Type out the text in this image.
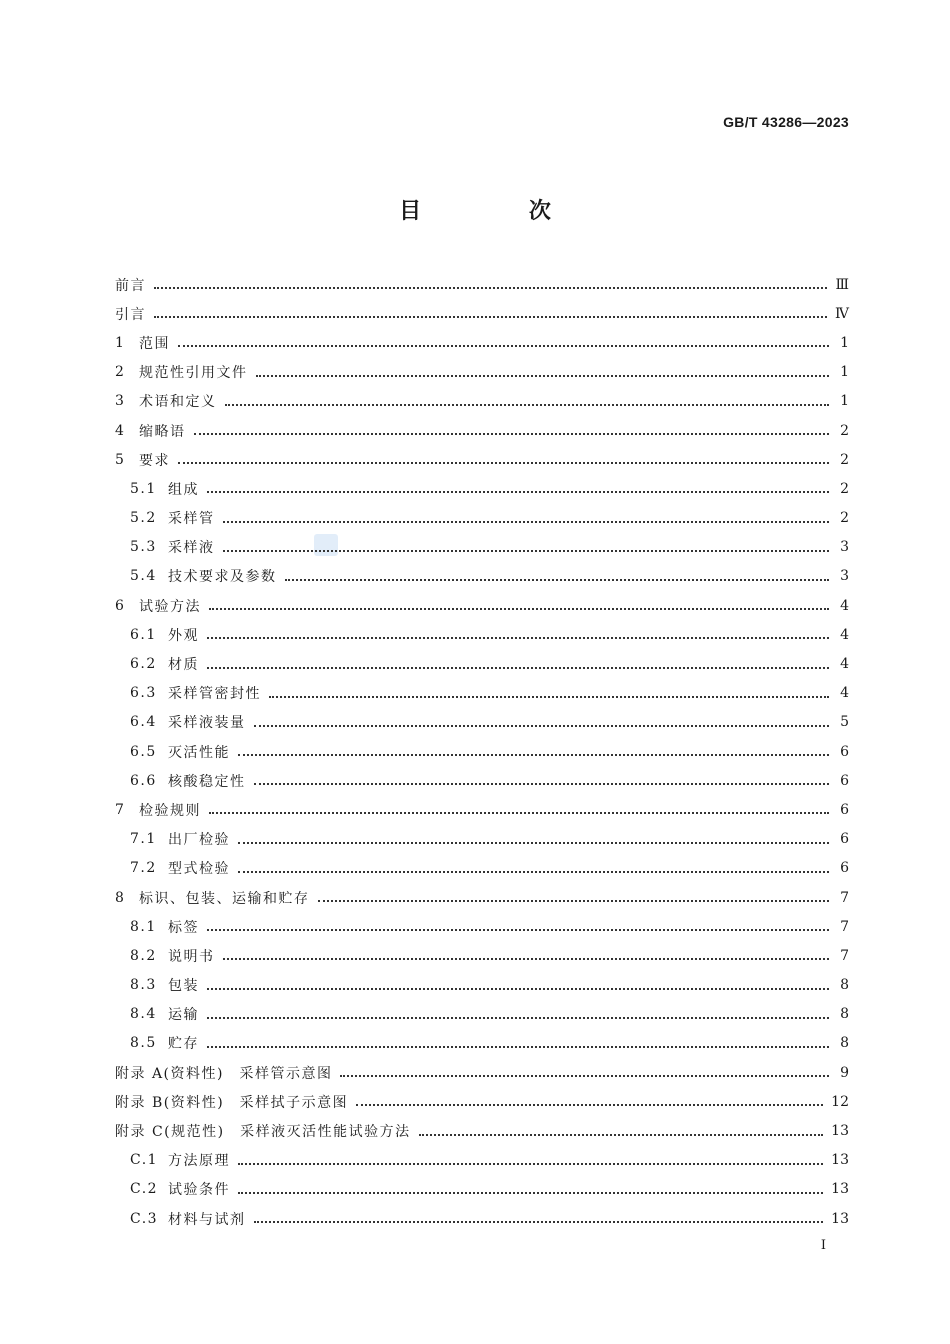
GB/T 43286—2023
目 次
前言	Ⅲ
引言	Ⅳ
1 范围	1
2 规范性引用文件	1
3 术语和定义	1
4 缩略语	2
5 要求	2
5.1 组成	2
5.2 采样管	2
5.3 采样液	3
5.4 技术要求及参数	3
6 试验方法	4
6.1 外观	4
6.2 材质	4
6.3 采样管密封性	4
6.4 采样液装量	5
6.5 灭活性能	6
6.6 核酸稳定性	6
7 检验规则	6
7.1 出厂检验	6
7.2 型式检验	6
8 标识、包装、运输和贮存	7
8.1 标签	7
8.2 说明书	7
8.3 包装	8
8.4 运输	8
8.5 贮存	8
附录 A(资料性)　采样管示意图	9
附录 B(资料性)　采样拭子示意图	12
附录 C(规范性)　采样液灭活性能试验方法	13
C.1 方法原理	13
C.2 试验条件	13
C.3 材料与试剂	13
I
